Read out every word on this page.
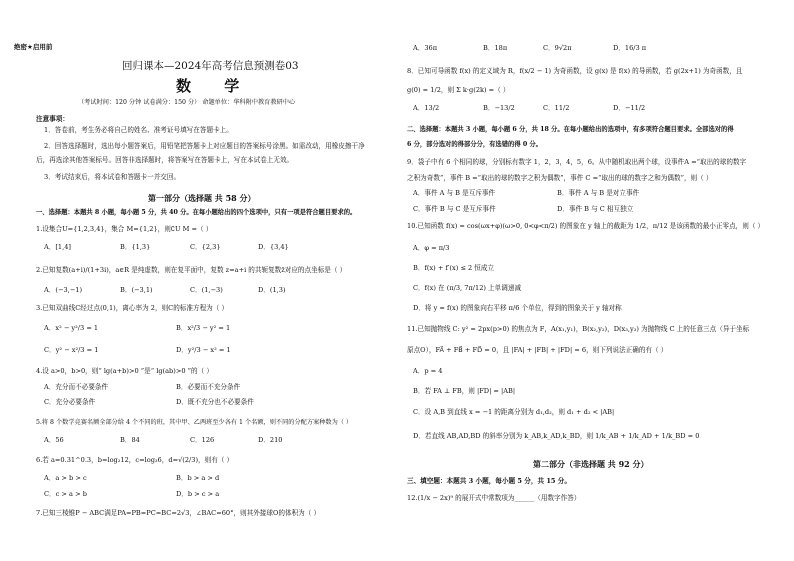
绝密★启用前
回归课本—2024年高考信息预测卷03
数 学
（考试时间：120 分钟 试卷满分：150 分） 命题单位：华科附中教育教研中心
注意事项：
1．答卷前，考生务必将自己的姓名、准考证号填写在答题卡上。
2．回答选择题时，选出每小题答案后，用铅笔把答题卡上对应题目的答案标号涂黑。如需改动，用橡皮擦干净
后，再选涂其他答案标号。回答非选择题时，将答案写在答题卡上，写在本试卷上无效。
3．考试结束后，将本试卷和答题卡一并交回。
第一部分（选择题 共 58 分）
一、选择题：本题共 8 小题，每小题 5 分，共 40 分。在每小题给出的四个选项中，只有一项是符合题目要求的。
1.设集合U={1,2,3,4}，集合 M={1,2}，则∁U M =（ ）
A．[1,4]	B．{1,3}	C．{2,3}	D．{3,4}
2.已知复数(a+i)/(1+3i)，a∈R 是纯虚数，则在复平面中，复数 z=a+i 的共轭复数z̄对应的点坐标是（ ）
A．(−3,−1)	B．(−3,1)	C．(1,−3)	D．(1,3)
3.已知双曲线C经过点(0,1)，离心率为 2，则C的标准方程为（ ）
A．x² − y²/3 = 1	B．x²/3 − y² = 1
C．y² − x²/3 = 1	D．y²/3 − x² = 1
4.设 a>0，b>0，则“ lg(a+b)>0 ”是“ lg(ab)>0 ”的（ ）
A．充分而不必要条件	B．必要而不充分条件
C．充分必要条件	D．既不充分也不必要条件
5.将 8 个数学竞赛名额全部分给 4 个不同的班，其中甲、乙两班至少各有 1 个名额，则不同的分配方案种数为（ ）
A．56	B．84	C．126	D．210
6.若 a=0.31^0.3，b=log₂12，c=log₃6，d=√(2/3)，则有（ ）
A．a > b > c	B．b > a > d
C．c > a > b	D．b > c > a
7.已知三棱锥P − ABC满足PA=PB=PC=BC=2√3，∠BAC=60°，则其外接球O的体积为（ ）
A．36π	B．18π	C．9√2π	D．16/3 π
8．已知可导函数 f(x) 的定义域为 R，f(x/2 − 1) 为奇函数，设 g(x) 是 f(x) 的导函数，若 g(2x+1) 为奇函数，且
g(0) = 1/2，则 Σ k·g(2k) =（ ）
A．13/2	B．−13/2	C．11/2	D．−11/2
二、选择题：本题共 3 小题，每小题 6 分，共 18 分。在每小题给出的选项中，有多项符合题目要求。全部选对的得
6 分，部分选对的得部分分，有选错的得 0 分。
9．袋子中有 6 个相同的球，分别标有数字 1，2，3，4，5，6。从中随机取出两个球，设事件A =“取出的球的数字
之积为奇数”，事件 B =“取出的球的数字之积为偶数”，事件 C =“取出的球的数字之和为偶数”，则（ ）
A．事件 A 与 B 是互斥事件	B．事件 A 与 B 是对立事件
C．事件 B 与 C 是互斥事件	D．事件 B 与 C 相互独立
10.已知函数 f(x) = cos(ωx+φ)(ω>0, 0<φ<π/2) 的图象在 y 轴上的截距为 1/2，π/12 是该函数的最小正零点，则（ ）
A．φ = π/3
B．f(x) + f′(x) ≤ 2 恒成立
C．f(x) 在 (π/3, 7π/12) 上单调递减
D．将 y = f(x) 的图象向右平移 π/6 个单位，得到的图象关于 y 轴对称
11.已知抛物线 C: y² = 2px(p>0) 的焦点为 F，A(x₁,y₁)，B(x₂,y₂)，D(x₃,y₃) 为抛物线 C 上的任意三点（异于坐标
原点O），FA⃗ + FB⃗ + FD⃗ = 0，且 |FA| + |FB| + |FD| = 6，则下列说法正确的有（ ）
A．p = 4
B．若 FA ⊥ FB，则 |FD| = |AB|
C．设 A,B 到直线 x = −1 的距离分别为 d₁,d₂，则 d₁ + d₂ < |AB|
D．若直线 AB,AD,BD 的斜率分别为 k_AB,k_AD,k_BD，则 1/k_AB + 1/k_AD + 1/k_BD = 0
第二部分（非选择题 共 92 分）
三、填空题：本题共 3 小题，每小题 5 分，共 15 分。
12.(1/x − 2x)⁹ 的展开式中常数项为______（用数字作答）
